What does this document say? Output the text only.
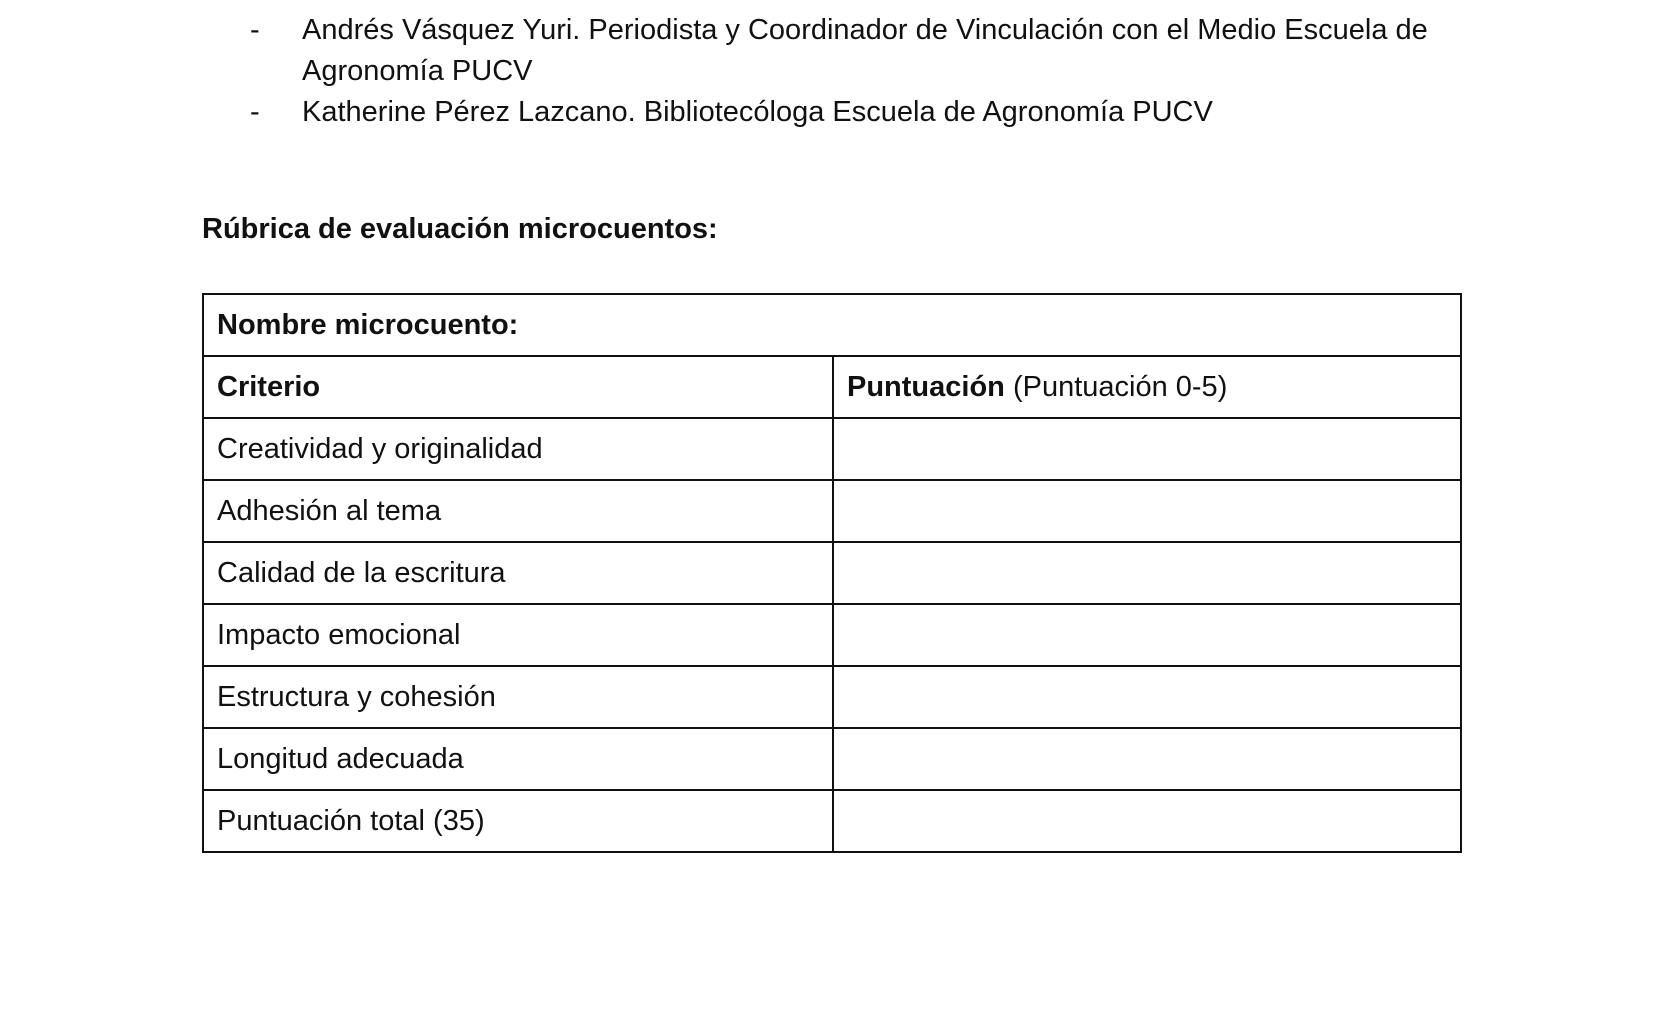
- Andrés Vásquez Yuri. Periodista y Coordinador de Vinculación con el Medio Escuela de Agronomía PUCV
- Katherine Pérez Lazcano. Bibliotecóloga Escuela de Agronomía PUCV
Rúbrica de evaluación microcuentos:
Nombre microcuento:	
Criterio	Puntuación (Puntuación 0-5)
Creatividad y originalidad	
Adhesión al tema	
Calidad de la escritura	
Impacto emocional	
Estructura y cohesión	
Longitud adecuada	
Puntuación total (35)	
